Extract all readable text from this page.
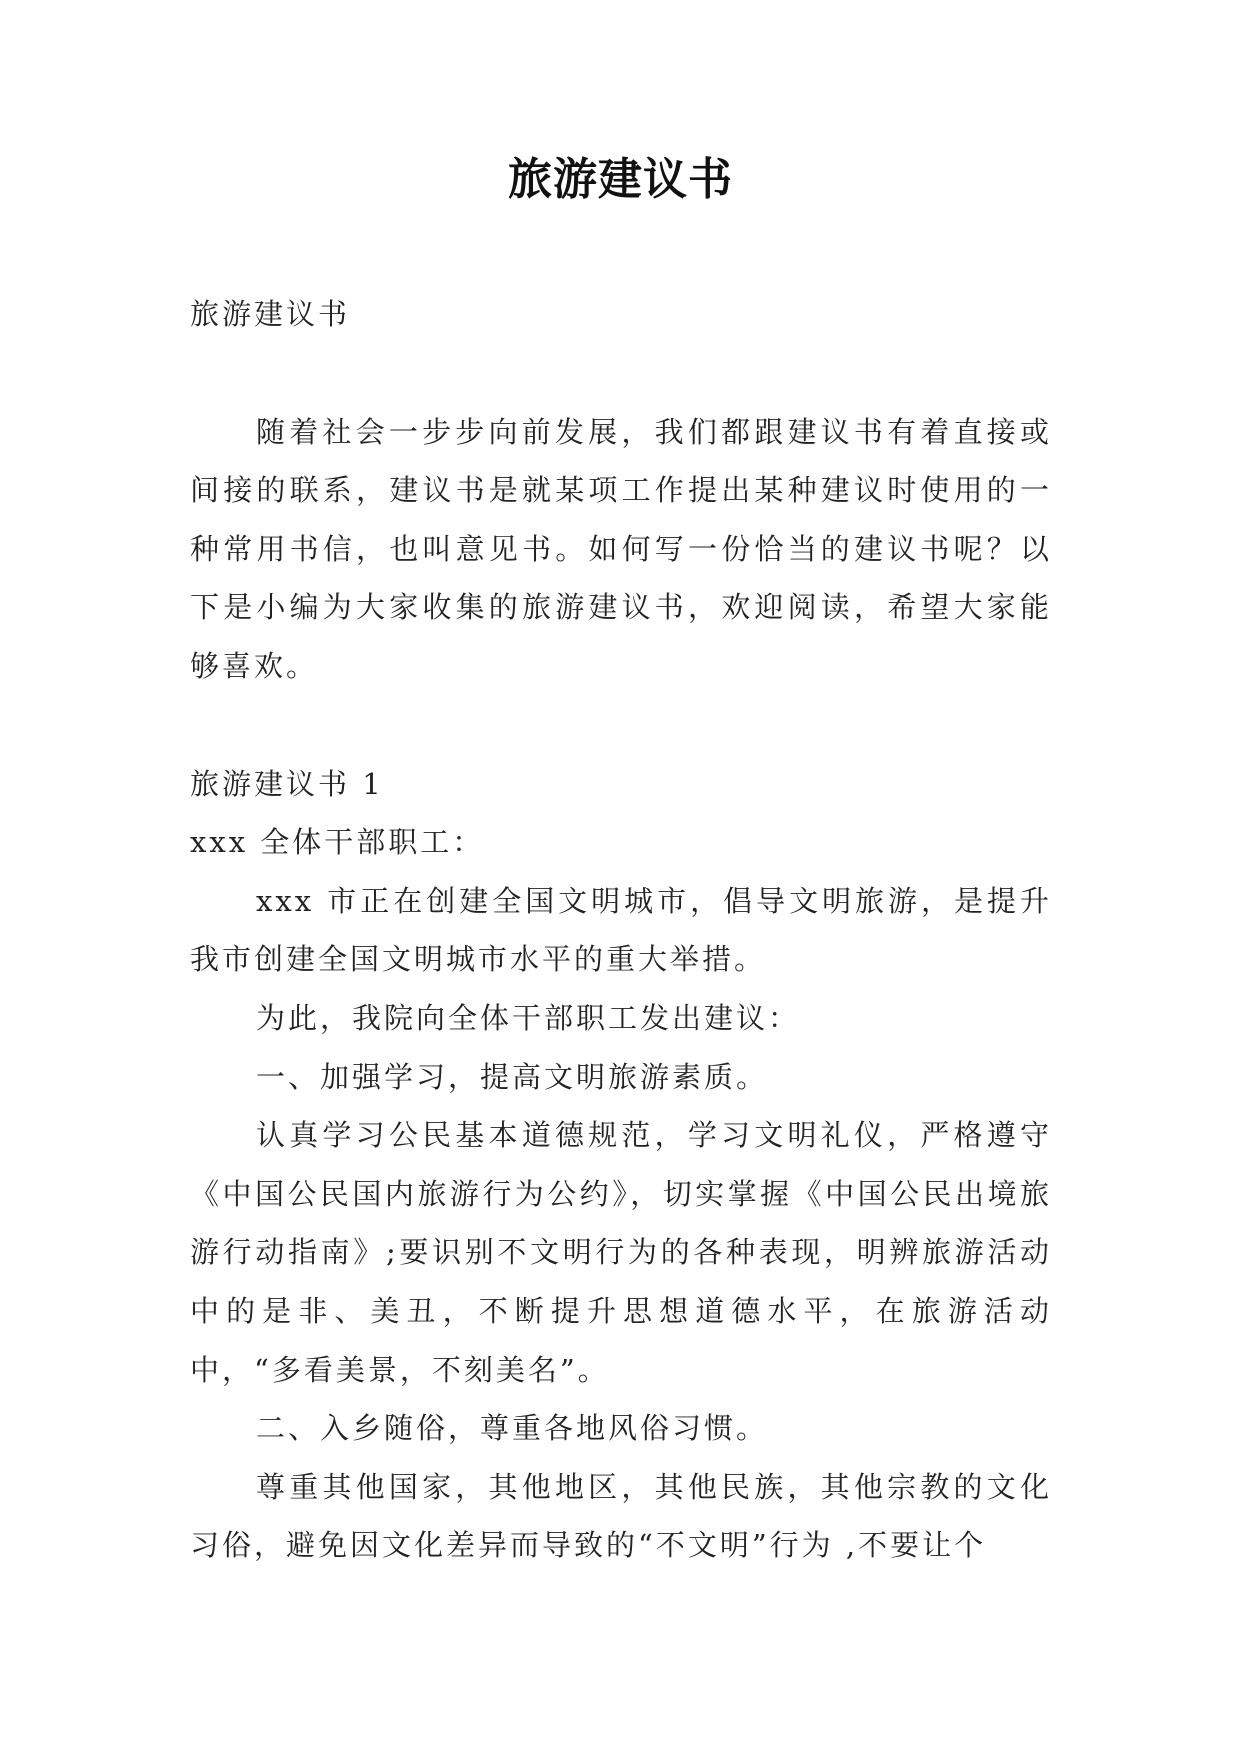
旅游建议书

旅游建议书

随着社会一步步向前发展，我们都跟建议书有着直接或间接的联系，建议书是就某项工作提出某种建议时使用的一种常用书信，也叫意见书。如何写一份恰当的建议书呢？以下是小编为大家收集的旅游建议书，欢迎阅读，希望大家能够喜欢。

旅游建议书 1

xxx 全体干部职工：

xxx 市正在创建全国文明城市，倡导文明旅游，是提升我市创建全国文明城市水平的重大举措。

为此，我院向全体干部职工发出建议：

一、加强学习，提高文明旅游素质。

认真学习公民基本道德规范，学习文明礼仪，严格遵守《中国公民国内旅游行为公约》，切实掌握《中国公民出境旅游行动指南》;要识别不文明行为的各种表现，明辨旅游活动中的是非、美丑，不断提升思想道德水平，在旅游活动中，“多看美景，不刻美名”。

二、入乡随俗，尊重各地风俗习惯。

尊重其他国家，其他地区，其他民族，其他宗教的文化习俗，避免因文化差异而导致的“不文明”行为 ,不要让个
